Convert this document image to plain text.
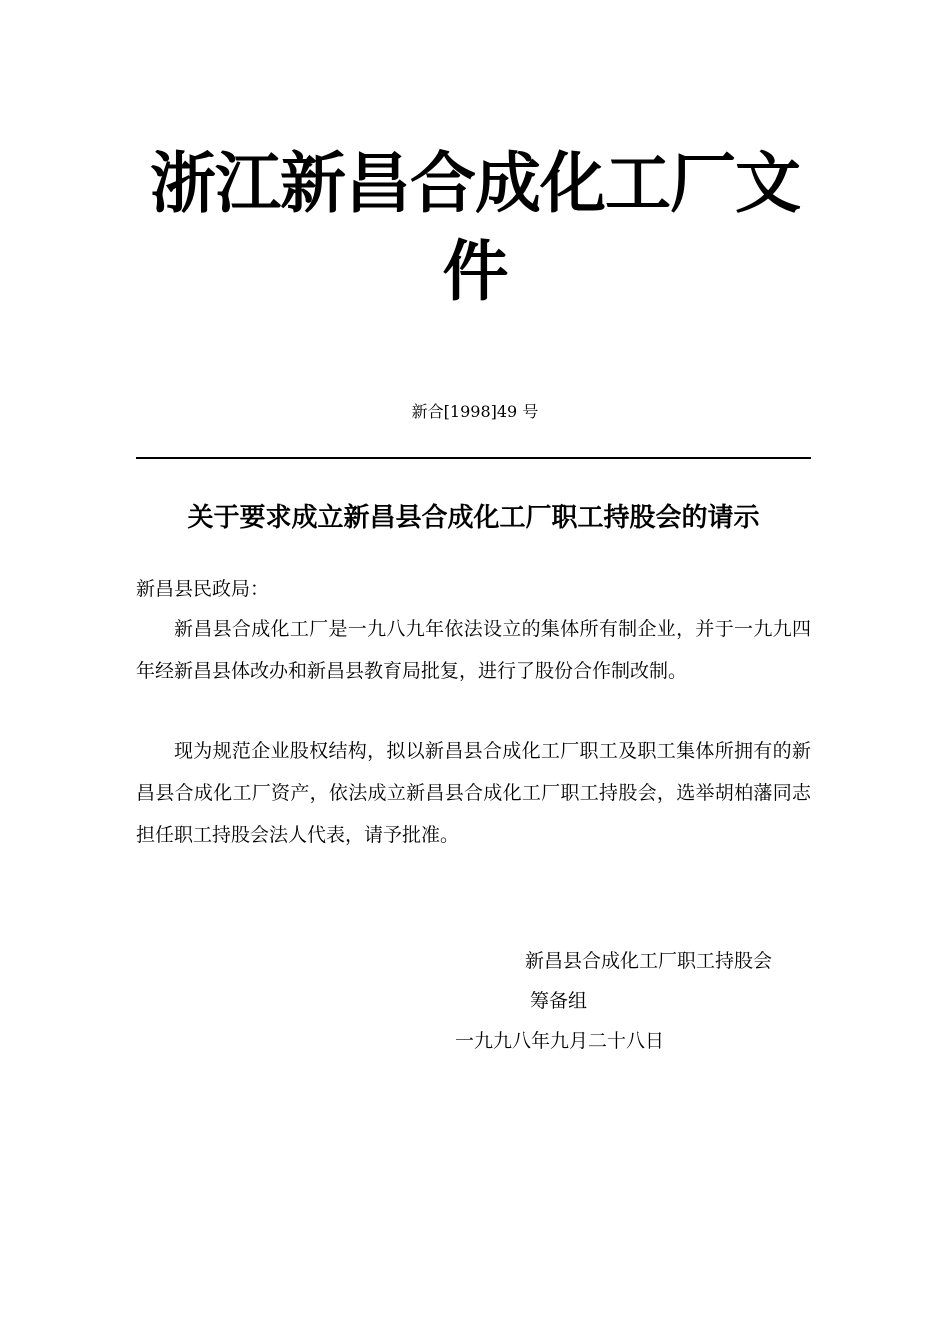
浙江新昌合成化工厂文件
新合[1998]49 号
关于要求成立新昌县合成化工厂职工持股会的请示
新昌县民政局：

新昌县合成化工厂是一九八九年依法设立的集体所有制企业，并于一九九四年经新昌县体改办和新昌县教育局批复，进行了股份合作制改制。

现为规范企业股权结构，拟以新昌县合成化工厂职工及职工集体所拥有的新昌县合成化工厂资产，依法成立新昌县合成化工厂职工持股会，选举胡柏藩同志担任职工持股会法人代表，请予批准。

新昌县合成化工厂职工持股会
筹备组
一九九八年九月二十八日
